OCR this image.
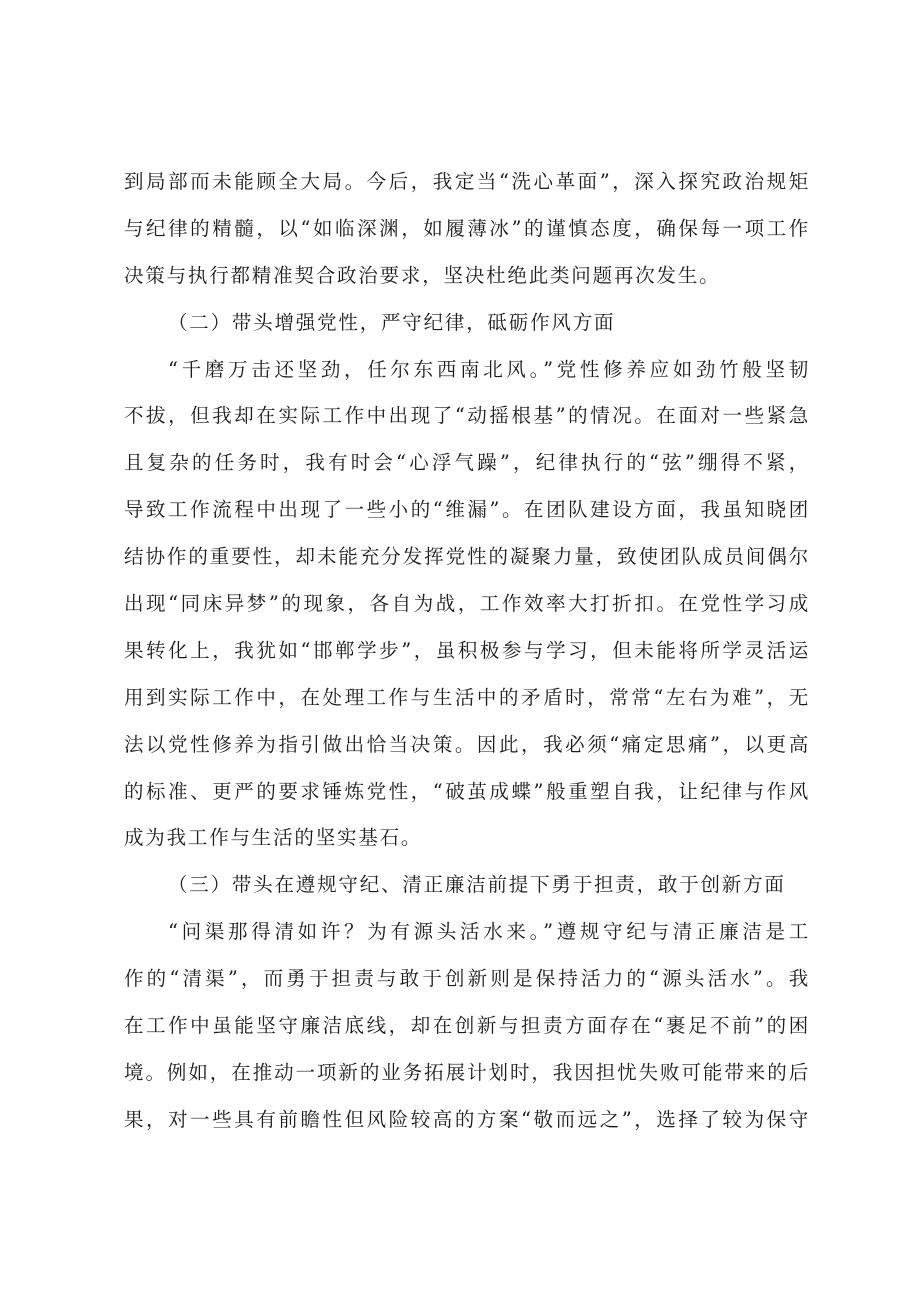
到局部而未能顾全大局。今后，我定当“洗心革面”，深入探究政治规矩
与纪律的精髓，以“如临深渊，如履薄冰”的谨慎态度，确保每一项工作
决策与执行都精准契合政治要求，坚决杜绝此类问题再次发生。
（二）带头增强党性，严守纪律，砥砺作风方面
“千磨万击还坚劲，任尔东西南北风。”党性修养应如劲竹般坚韧
不拔，但我却在实际工作中出现了“动摇根基”的情况。在面对一些紧急
且复杂的任务时，我有时会“心浮气躁”，纪律执行的“弦”绷得不紧，
导致工作流程中出现了一些小的“维漏”。在团队建设方面，我虽知晓团
结协作的重要性，却未能充分发挥党性的凝聚力量，致使团队成员间偶尔
出现“同床异梦”的现象，各自为战，工作效率大打折扣。在党性学习成
果转化上，我犹如“邯郸学步”，虽积极参与学习，但未能将所学灵活运
用到实际工作中，在处理工作与生活中的矛盾时，常常“左右为难”，无
法以党性修养为指引做出恰当决策。因此，我必须“痛定思痛”，以更高
的标准、更严的要求锤炼党性，“破茧成蝶”般重塑自我，让纪律与作风
成为我工作与生活的坚实基石。
（三）带头在遵规守纪、清正廉洁前提下勇于担责，敢于创新方面
“问渠那得清如许？为有源头活水来。”遵规守纪与清正廉洁是工
作的“清渠”，而勇于担责与敢于创新则是保持活力的“源头活水”。我
在工作中虽能坚守廉洁底线，却在创新与担责方面存在“裹足不前”的困
境。例如，在推动一项新的业务拓展计划时，我因担忧失败可能带来的后
果，对一些具有前瞻性但风险较高的方案“敬而远之”，选择了较为保守
